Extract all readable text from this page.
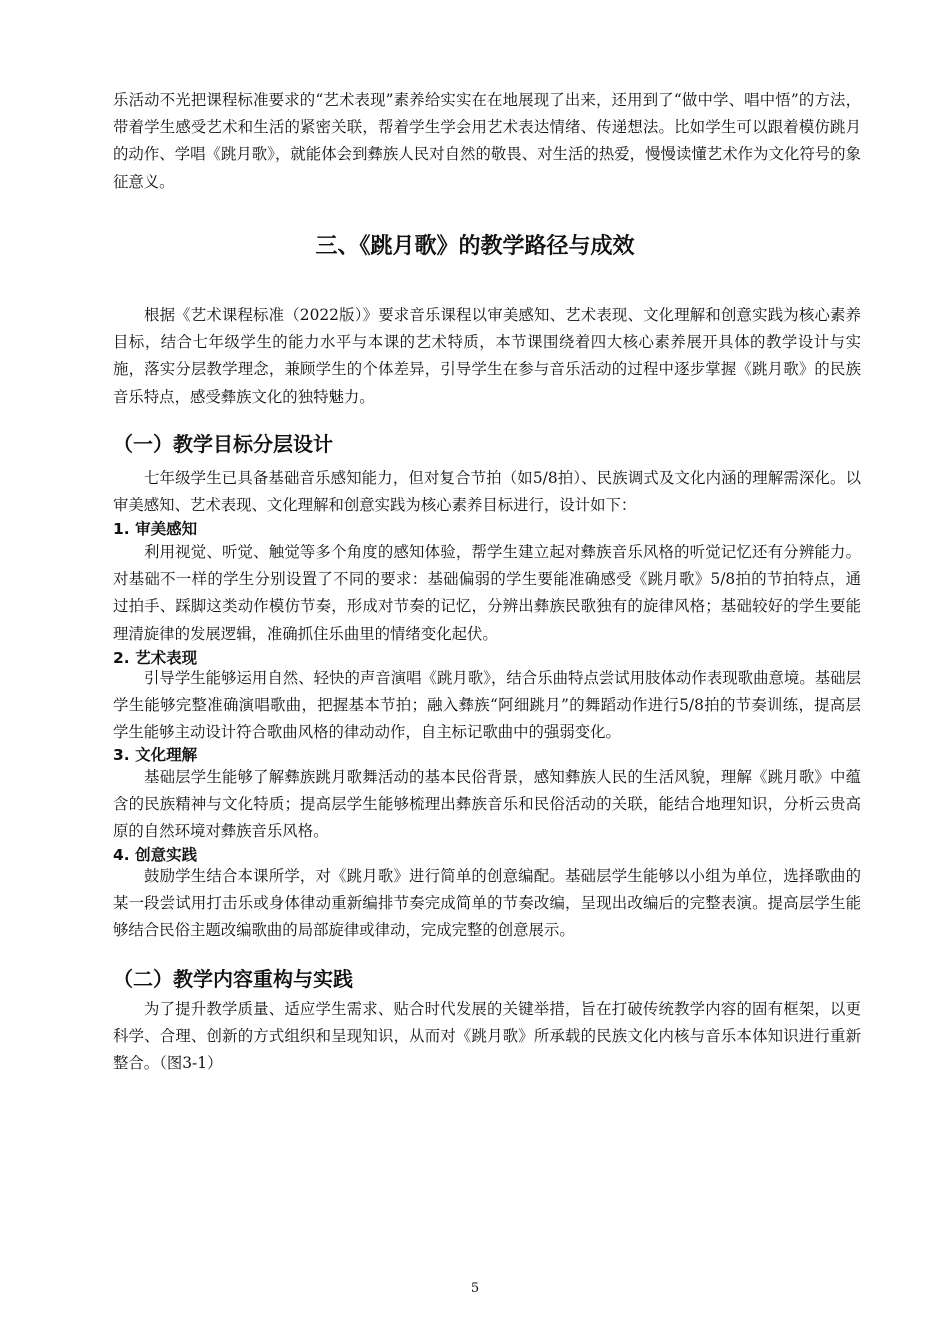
乐活动不光把课程标准要求的“艺术表现”素养给实实在在地展现了出来，还用到了“做中学、唱中悟”的方法，带着学生感受艺术和生活的紧密关联，帮着学生学会用艺术表达情绪、传递想法。比如学生可以跟着模仿跳月的动作、学唱《跳月歌》，就能体会到彝族人民对自然的敬畏、对生活的热爱，慢慢读懂艺术作为文化符号的象征意义。

三、《跳月歌》的教学路径与成效

根据《艺术课程标准（2022版）》要求音乐课程以审美感知、艺术表现、文化理解和创意实践为核心素养目标，结合七年级学生的能力水平与本课的艺术特质，本节课围绕着四大核心素养展开具体的教学设计与实施，落实分层教学理念，兼顾学生的个体差异，引导学生在参与音乐活动的过程中逐步掌握《跳月歌》的民族音乐特点，感受彝族文化的独特魅力。

（一）教学目标分层设计

七年级学生已具备基础音乐感知能力，但对复合节拍（如5/8拍）、民族调式及文化内涵的理解需深化。以审美感知、艺术表现、文化理解和创意实践为核心素养目标进行，设计如下：

1. 审美感知

利用视觉、听觉、触觉等多个角度的感知体验，帮学生建立起对彝族音乐风格的听觉记忆还有分辨能力。对基础不一样的学生分别设置了不同的要求：基础偏弱的学生要能准确感受《跳月歌》5/8拍的节拍特点，通过拍手、踩脚这类动作模仿节奏，形成对节奏的记忆，分辨出彝族民歌独有的旋律风格；基础较好的学生要能理清旋律的发展逻辑，准确抓住乐曲里的情绪变化起伏。

2. 艺术表现

引导学生能够运用自然、轻快的声音演唱《跳月歌》，结合乐曲特点尝试用肢体动作表现歌曲意境。基础层学生能够完整准确演唱歌曲，把握基本节拍；融入彝族“阿细跳月”的舞蹈动作进行5/8拍的节奏训练，提高层学生能够主动设计符合歌曲风格的律动动作，自主标记歌曲中的强弱变化。

3. 文化理解

基础层学生能够了解彝族跳月歌舞活动的基本民俗背景，感知彝族人民的生活风貌，理解《跳月歌》中蕴含的民族精神与文化特质；提高层学生能够梳理出彝族音乐和民俗活动的关联，能结合地理知识，分析云贵高原的自然环境对彝族音乐风格。

4. 创意实践

鼓励学生结合本课所学，对《跳月歌》进行简单的创意编配。基础层学生能够以小组为单位，选择歌曲的某一段尝试用打击乐或身体律动重新编排节奏完成简单的节奏改编，呈现出改编后的完整表演。提高层学生能够结合民俗主题改编歌曲的局部旋律或律动，完成完整的创意展示。

（二）教学内容重构与实践

为了提升教学质量、适应学生需求、贴合时代发展的关键举措，旨在打破传统教学内容的固有框架，以更科学、合理、创新的方式组织和呈现知识，从而对《跳月歌》所承载的民族文化内核与音乐本体知识进行重新整合。（图3-1）

5
